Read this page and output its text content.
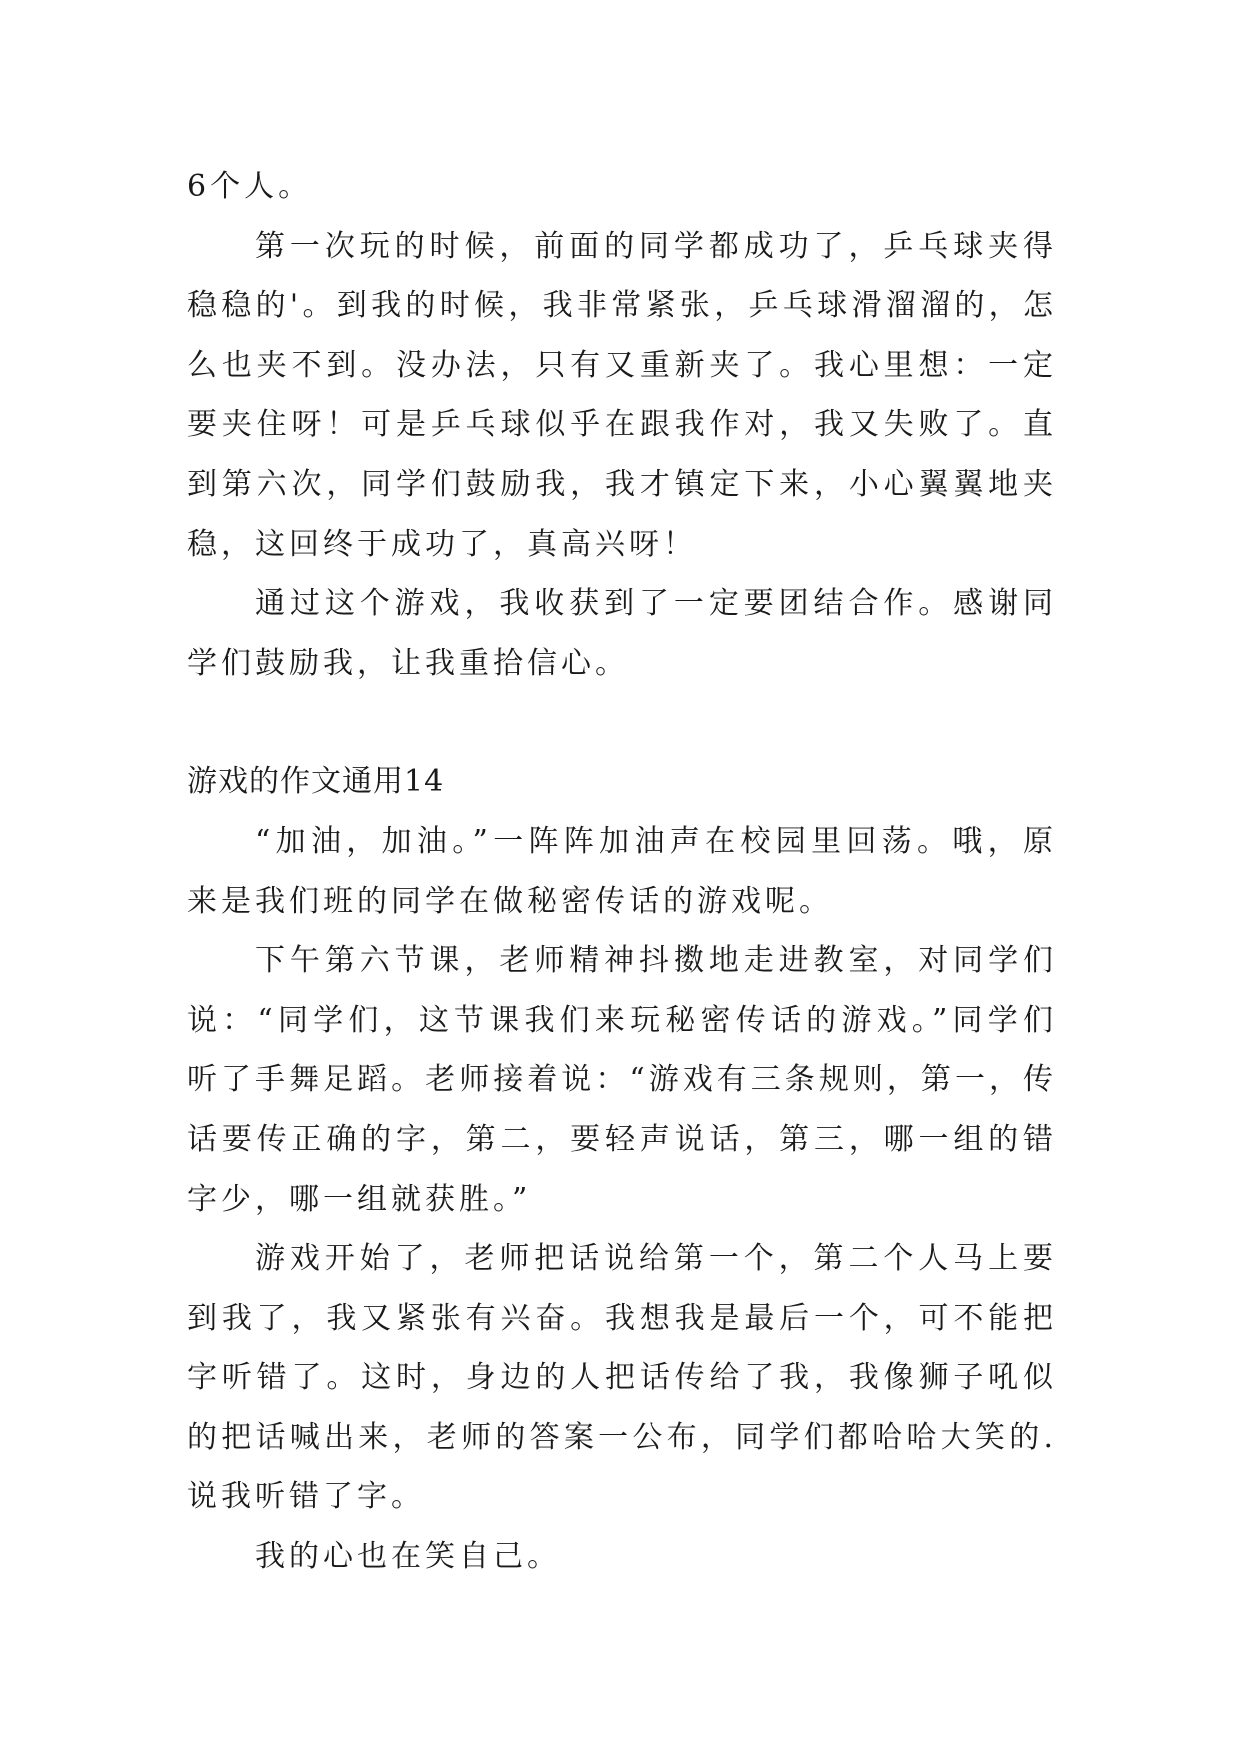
6个人。

第一次玩的时候，前面的同学都成功了，乒乓球夹得稳稳的'。到我的时候，我非常紧张，乒乓球滑溜溜的，怎么也夹不到。没办法，只有又重新夹了。我心里想：一定要夹住呀！可是乒乓球似乎在跟我作对，我又失败了。直到第六次，同学们鼓励我，我才镇定下来，小心翼翼地夹稳，这回终于成功了，真高兴呀！

通过这个游戏，我收获到了一定要团结合作。感谢同学们鼓励我，让我重拾信心。

游戏的作文通用14

“加油，加油。”一阵阵加油声在校园里回荡。哦，原来是我们班的同学在做秘密传话的游戏呢。

下午第六节课，老师精神抖擞地走进教室，对同学们说：“同学们，这节课我们来玩秘密传话的游戏。”同学们听了手舞足蹈。老师接着说：“游戏有三条规则，第一，传话要传正确的字，第二，要轻声说话，第三，哪一组的错字少，哪一组就获胜。”

游戏开始了，老师把话说给第一个，第二个人马上要到我了，我又紧张有兴奋。我想我是最后一个，可不能把字听错了。这时，身边的人把话传给了我，我像狮子吼似的把话喊出来，老师的答案一公布，同学们都哈哈大笑的.说我听错了字。

我的心也在笑自己。
